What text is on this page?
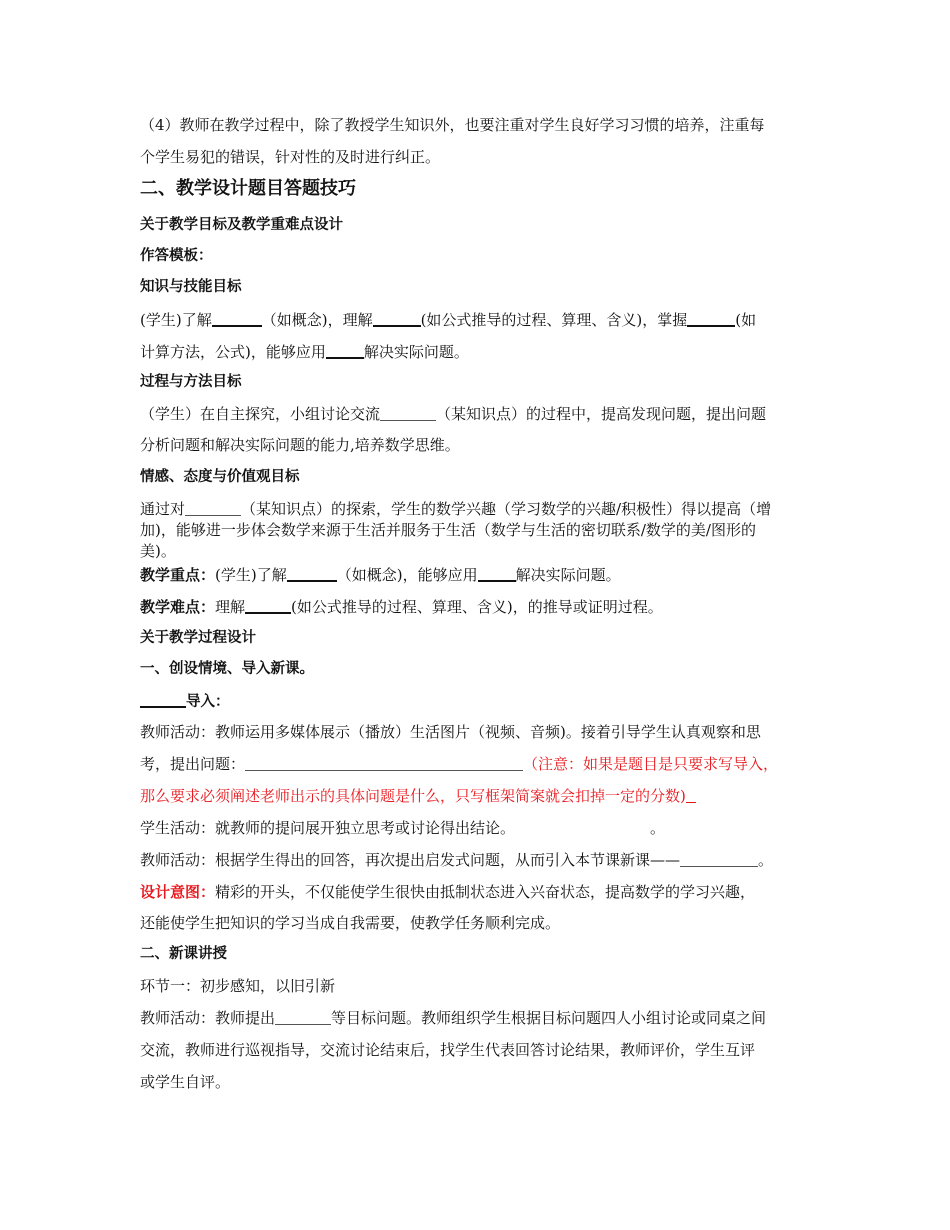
（4）教师在教学过程中，除了教授学生知识外，也要注重对学生良好学习习惯的培养，注重每
个学生易犯的错误，针对性的及时进行纠正。
二、教学设计题目答题技巧
关于教学目标及教学重难点设计
作答模板：
知识与技能目标
(学生)了解	（如概念)，理解	(如公式推导的过程、算理、含义)，掌握	(如
计算方法，公式)，能够应用	解决实际问题。
过程与方法目标
（学生）在自主探究，小组讨论交流	（某知识点）的过程中，提高发现问题，提出问题
分析问题和解决实际问题的能力,培养数学思维。
情感、态度与价值观目标
通过对	（某知识点）的探索，学生的数学兴趣（学习数学的兴趣/积极性）得以提高（增
加)，能够进一步体会数学来源于生活并服务于生活（数学与生活的密切联系/数学的美/图形的
美)。
教学重点：(学生)了解	（如概念)，能够应用	解决实际问题。
教学难点：理解	(如公式推导的过程、算理、含义)，的推导或证明过程。
关于教学过程设计
一、创设情境、导入新课。
导入：
教师活动：教师运用多媒体展示（播放）生活图片（视频、音频)。接着引导学生认真观察和思
考，提出问题：	（注意：如果是题目是只要求写导入，
那么要求必须阐述老师出示的具体问题是什么，只写框架简案就会扣掉一定的分数)
学生活动：就教师的提问展开独立思考或讨论得出结论。	。
教师活动：根据学生得出的回答，再次提出启发式问题，从而引入本节课新课——	。
设计意图：精彩的开头，不仅能使学生很快由抵制状态进入兴奋状态，提高数学的学习兴趣，
还能使学生把知识的学习当成自我需要，使教学任务顺利完成。
二、新课讲授
环节一：初步感知，以旧引新
教师活动：教师提出	等目标问题。教师组织学生根据目标问题四人小组讨论或同桌之间
交流，教师进行巡视指导，交流讨论结束后，找学生代表回答讨论结果，教师评价，学生互评
或学生自评。
